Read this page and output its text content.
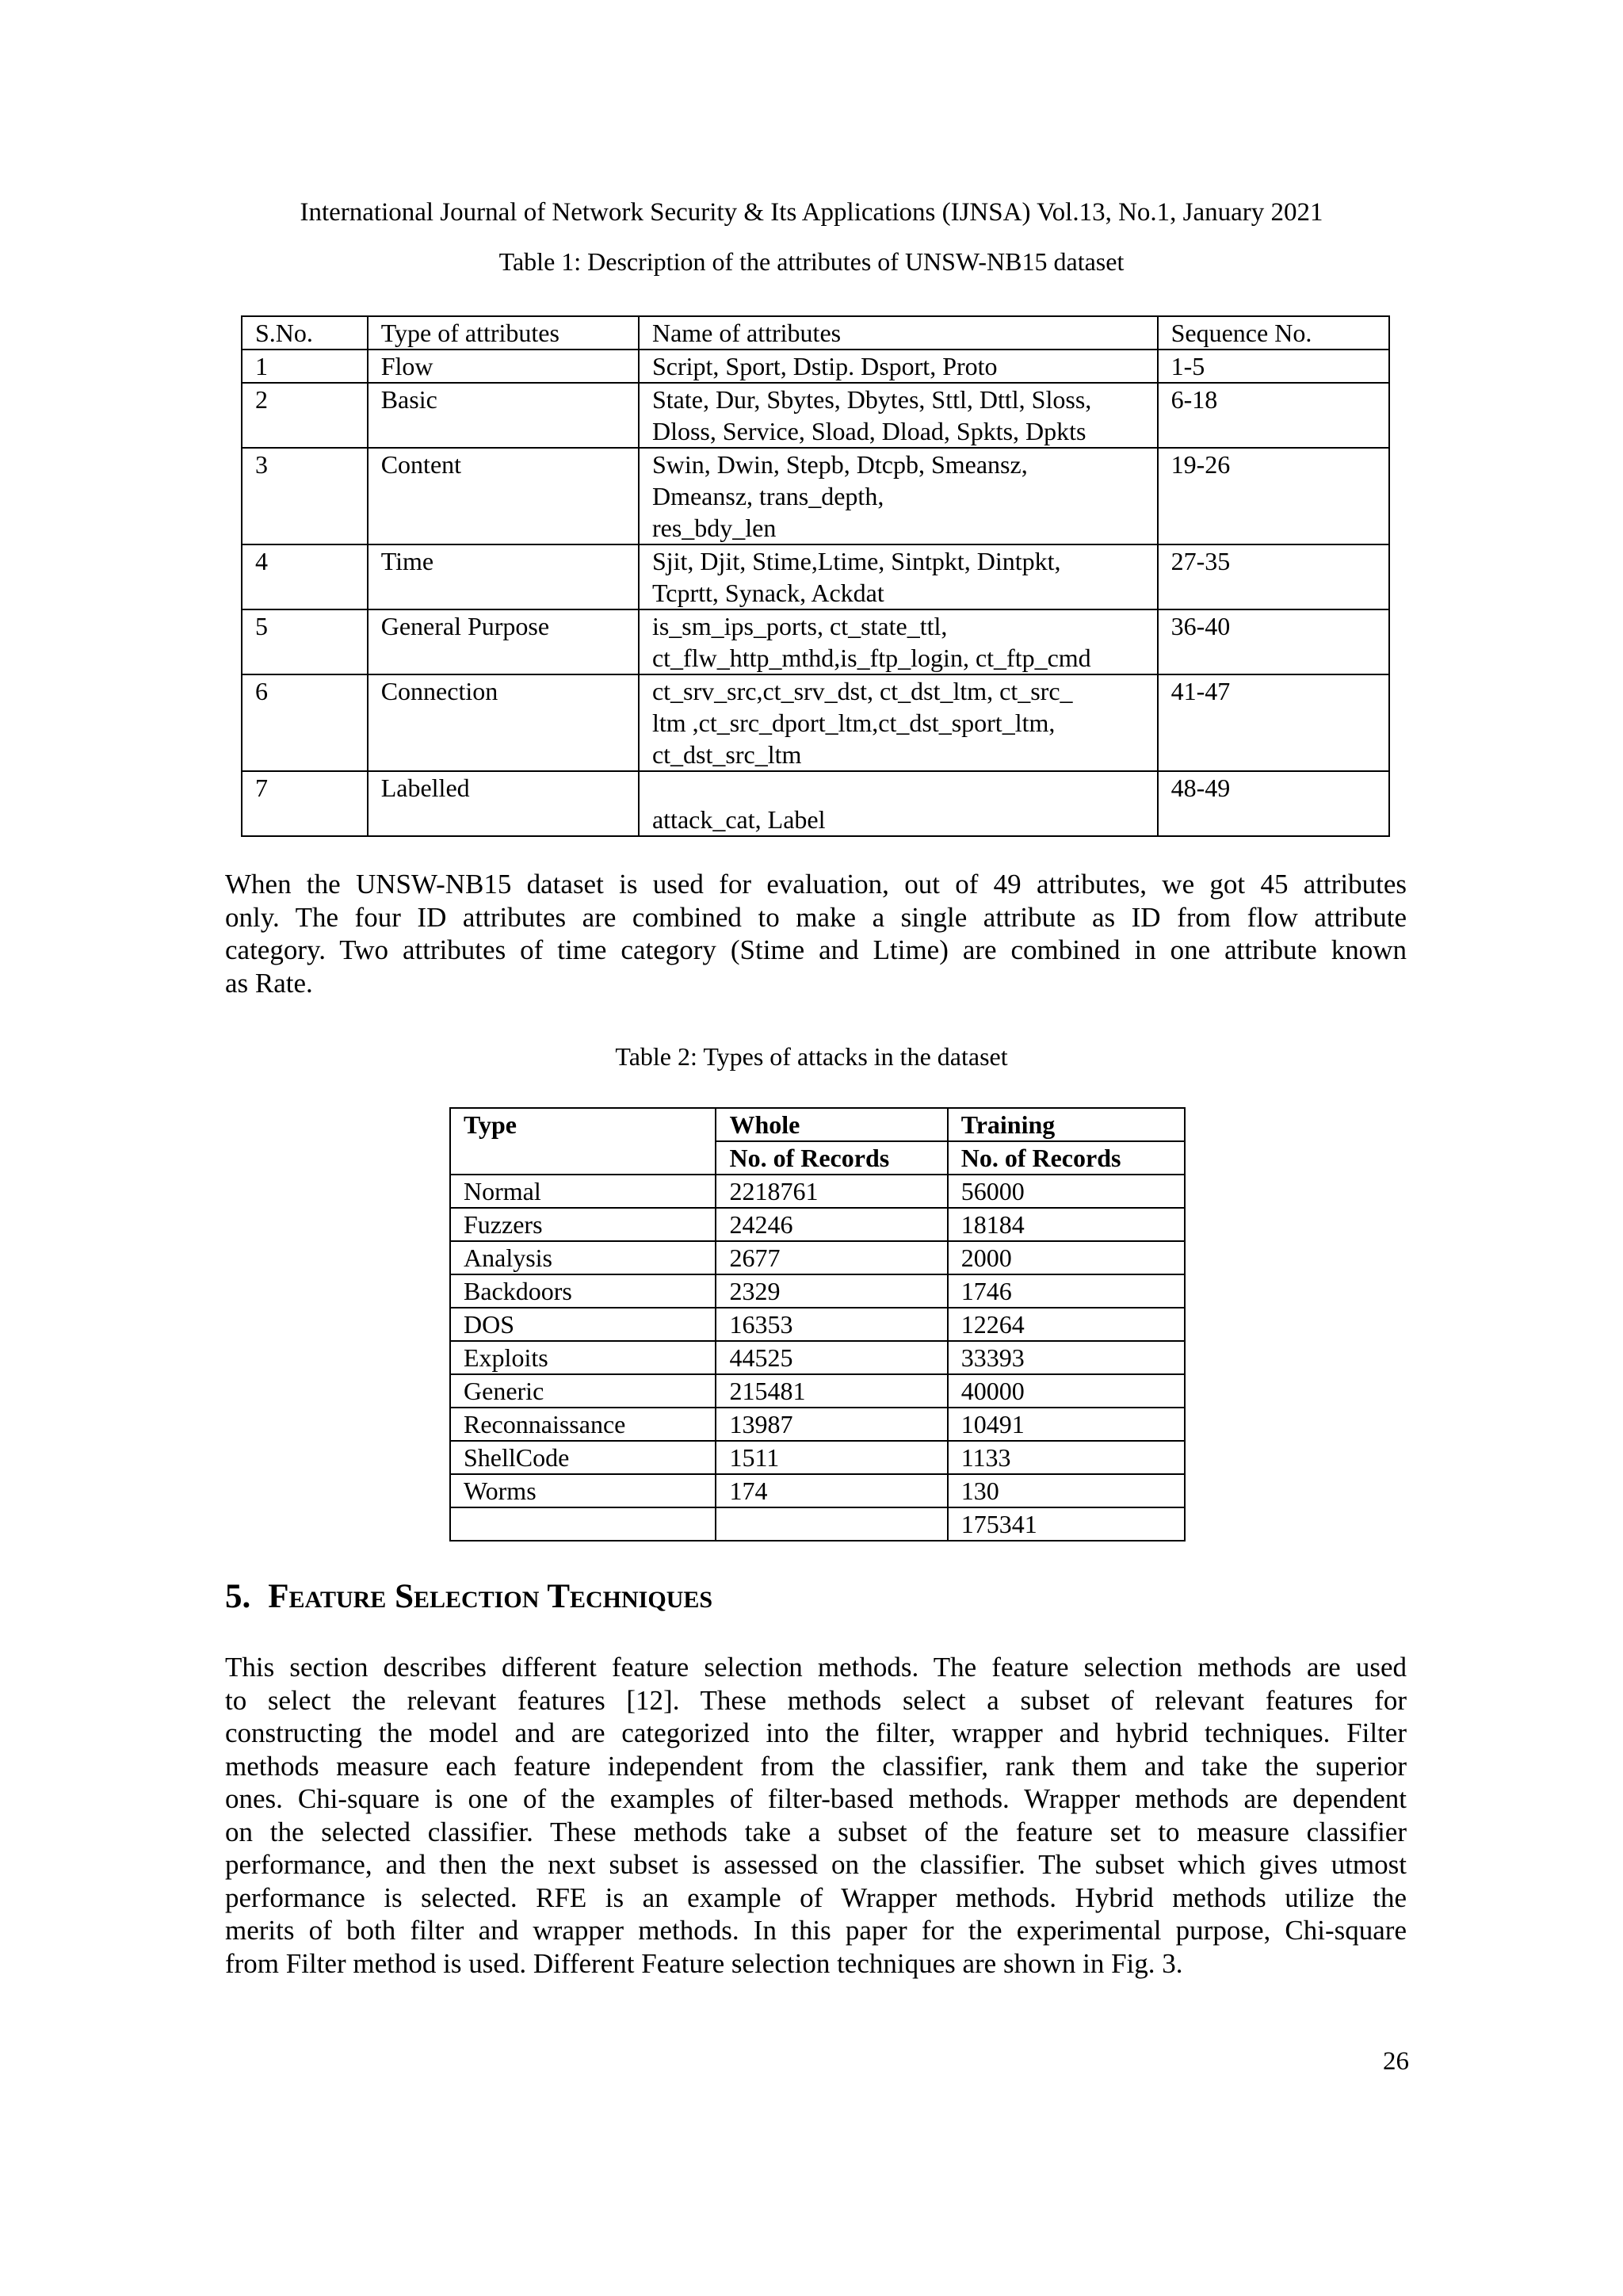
International Journal of Network Security & Its Applications (IJNSA) Vol.13, No.1, January 2021
Table 1: Description of the attributes of UNSW-NB15 dataset
S.No.	Type of attributes	Name of attributes	Sequence No.
1	Flow	Script, Sport, Dstip. Dsport, Proto	1-5
2	Basic	State, Dur, Sbytes, Dbytes, Sttl, Dttl, Sloss,
Dloss, Service, Sload, Dload, Spkts, Dpkts	6-18
3	Content	Swin, Dwin, Stepb, Dtcpb, Smeansz,
Dmeansz, trans_depth,
res_bdy_len	19-26
4	Time	Sjit, Djit, Stime,Ltime, Sintpkt, Dintpkt,
Tcprtt, Synack, Ackdat	27-35
5	General Purpose	is_sm_ips_ports, ct_state_ttl,
ct_flw_http_mthd,is_ftp_login, ct_ftp_cmd	36-40
6	Connection	ct_srv_src,ct_srv_dst, ct_dst_ltm, ct_src_
ltm ,ct_src_dport_ltm,ct_dst_sport_ltm,
ct_dst_src_ltm	41-47
7	Labelled	attack_cat, Label	48-49
When the UNSW-NB15 dataset is used for evaluation, out of 49 attributes, we got 45 attributes
only. The four ID attributes are combined to make a single attribute as ID from flow attribute
category. Two attributes of time category (Stime and Ltime) are combined in one attribute known
as Rate.
Table 2: Types of attacks in the dataset
Type	Whole	Training
	No. of Records	No. of Records
Normal	2218761	56000
Fuzzers	24246	18184
Analysis	2677	2000
Backdoors	2329	1746
DOS	16353	12264
Exploits	44525	33393
Generic	215481	40000
Reconnaissance	13987	10491
ShellCode	1511	1133
Worms	174	130
		175341
5. Feature Selection Techniques
This section describes different feature selection methods. The feature selection methods are used
to select the relevant features [12]. These methods select a subset of relevant features for
constructing the model and are categorized into the filter, wrapper and hybrid techniques. Filter
methods measure each feature independent from the classifier, rank them and take the superior
ones. Chi-square is one of the examples of filter-based methods. Wrapper methods are dependent
on the selected classifier. These methods take a subset of the feature set to measure classifier
performance, and then the next subset is assessed on the classifier. The subset which gives utmost
performance is selected. RFE is an example of Wrapper methods. Hybrid methods utilize the
merits of both filter and wrapper methods. In this paper for the experimental purpose, Chi-square
from Filter method is used. Different Feature selection techniques are shown in Fig. 3.
26
